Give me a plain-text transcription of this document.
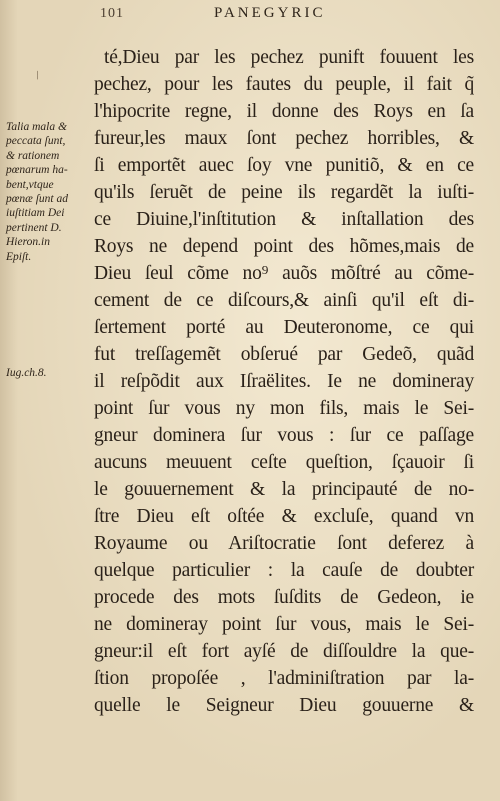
101	PANEGYRIC
/
Talia mala &
peccata ſunt,
& rationem
pœnarum ha-
bent,vtque
pœnæ ſunt ad
iuſtitiam Dei
pertinent D.
Hieron.in
Epiſt.
Iug.ch.8.
té,Dieu par les pechez punift fouuent les
pechez, pour les fautes du peuple, il fait q̃
l'hipocrite regne, il donne des Roys en ſa
fureur,les maux ſont pechez horribles, &
ſi emportẽt auec ſoy vne punitiõ, & en ce
qu'ils ſeruẽt de peine ils regardẽt la iuſti-
ce Diuine,l'inſtitution & inſtallation des
Roys ne depend point des hõmes,mais de
Dieu ſeul cõme no⁹ auõs mõſtré au cõme-
cement de ce diſcours,& ainſi qu'il eſt di-
ſertement porté au Deuteronome, ce qui
fut treſſagemẽt obſerué par Gedeõ, quãd
il reſpõdit aux Iſraëlites. Ie ne domineray
point ſur vous ny mon fils, mais le Sei-
gneur dominera ſur vous : ſur ce paſſage
aucuns meuuent ceſte queſtion, ſçauoir ſi
le gouuernement & la principauté de no-
ſtre Dieu eſt oſtée & excluſe, quand vn
Royaume ou Ariſtocratie ſont deferez à
quelque particulier : la cauſe de doubter
procede des mots ſuſdits de Gedeon, ie
ne domineray point ſur vous, mais le Sei-
gneur:il eſt fort ayſé de diſſouldre la que-
ſtion propoſée , l'adminiſtration par la-
quelle le Seigneur Dieu gouuerne &
